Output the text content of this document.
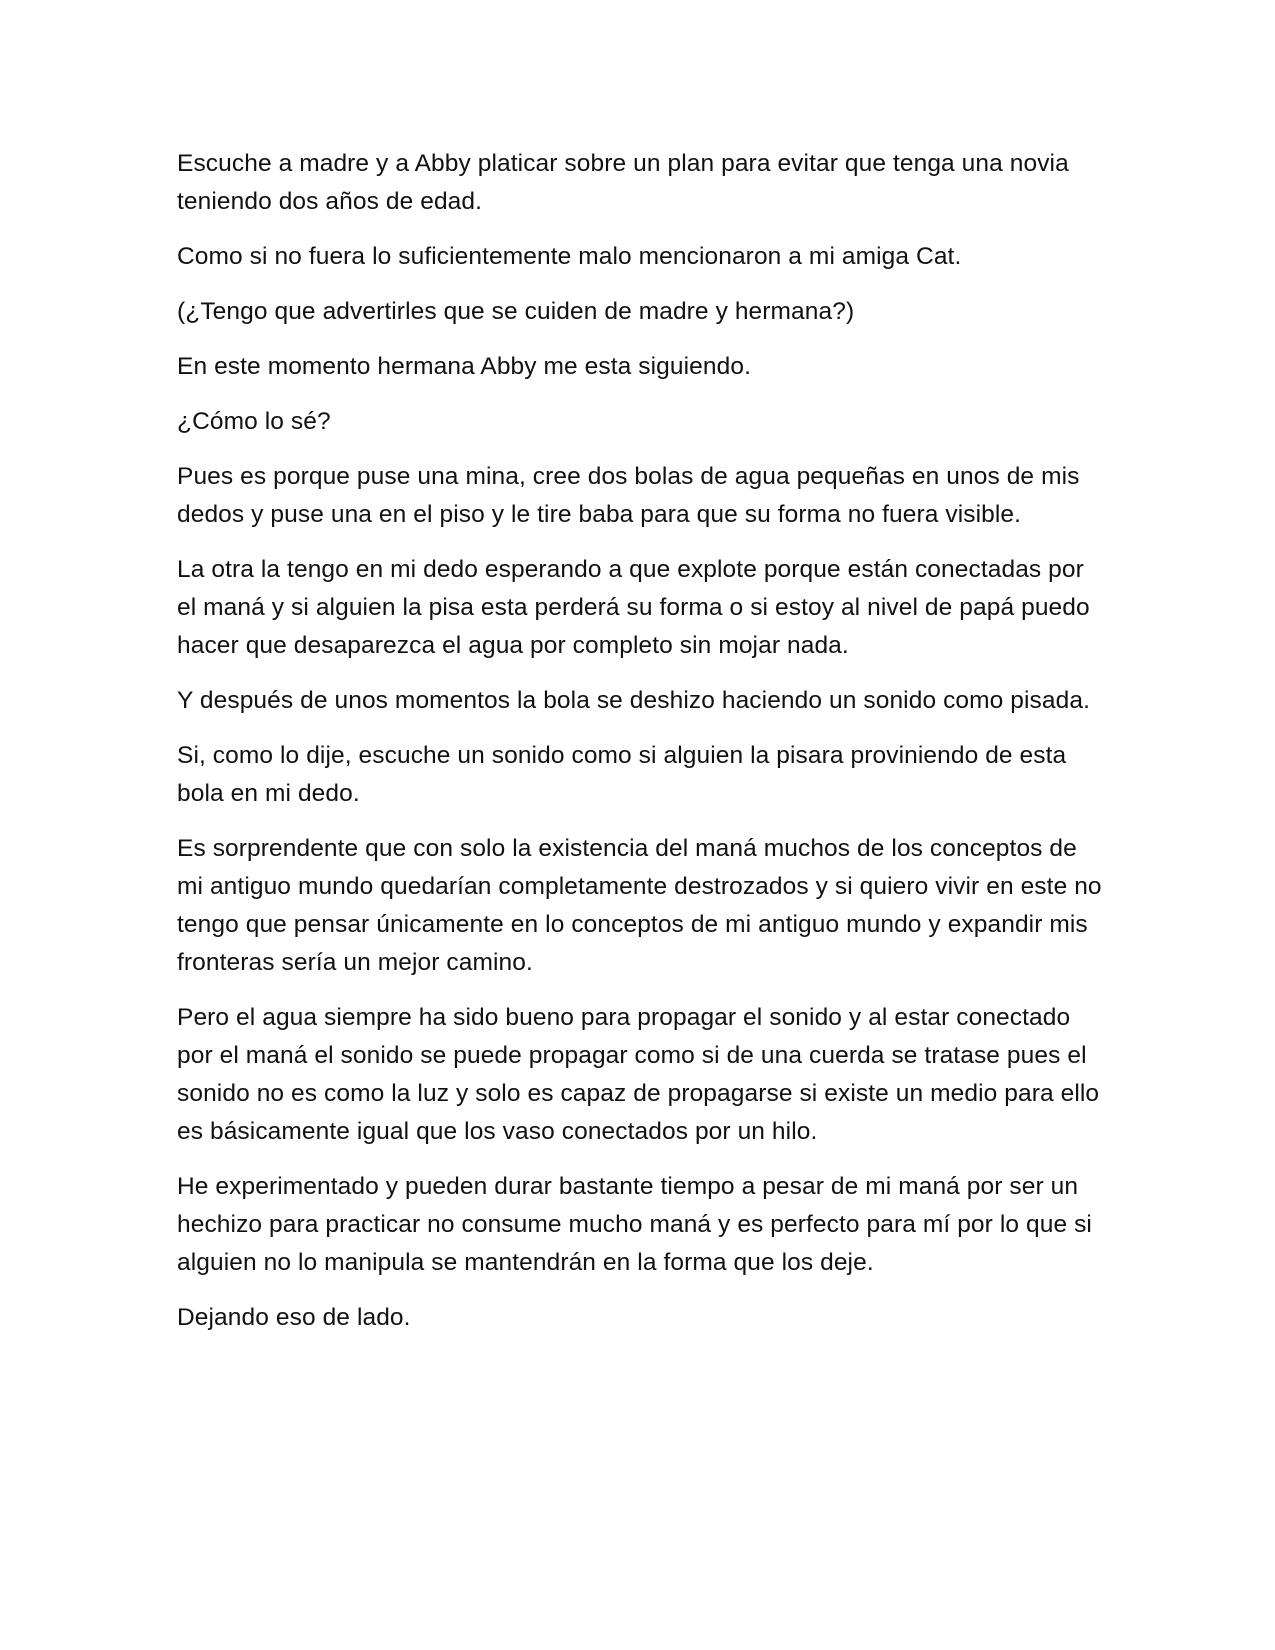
Escuche a madre y a Abby platicar sobre un plan para evitar que tenga una novia teniendo dos años de edad.

Como si no fuera lo suficientemente malo mencionaron a mi amiga Cat.

(¿Tengo que advertirles que se cuiden de madre y hermana?)

En este momento hermana Abby me esta siguiendo.

¿Cómo lo sé?

Pues es porque puse una mina, cree dos bolas de agua pequeñas en unos de mis dedos y puse una en el piso y le tire baba para que su forma no fuera visible.

La otra la tengo en mi dedo esperando a que explote porque están conectadas por el maná y si alguien la pisa esta perderá su forma o si estoy al nivel de papá puedo hacer que desaparezca el agua por completo sin mojar nada.

Y después de unos momentos la bola se deshizo haciendo un sonido como pisada.

Si, como lo dije, escuche un sonido como si alguien la pisara proviniendo de esta bola en mi dedo.

Es sorprendente que con solo la existencia del maná muchos de los conceptos de mi antiguo mundo quedarían completamente destrozados y si quiero vivir en este no tengo que pensar únicamente en lo conceptos de mi antiguo mundo y expandir mis fronteras sería un mejor camino.

Pero el agua siempre ha sido bueno para propagar el sonido y al estar conectado por el maná el sonido se puede propagar como si de una cuerda se tratase pues el sonido no es como la luz y solo es capaz de propagarse si existe un medio para ello es básicamente igual que los vaso conectados por un hilo.

He experimentado y pueden durar bastante tiempo a pesar de mi maná por ser un hechizo para practicar no consume mucho maná y es perfecto para mí por lo que si alguien no lo manipula se mantendrán en la forma que los deje.

Dejando eso de lado.
